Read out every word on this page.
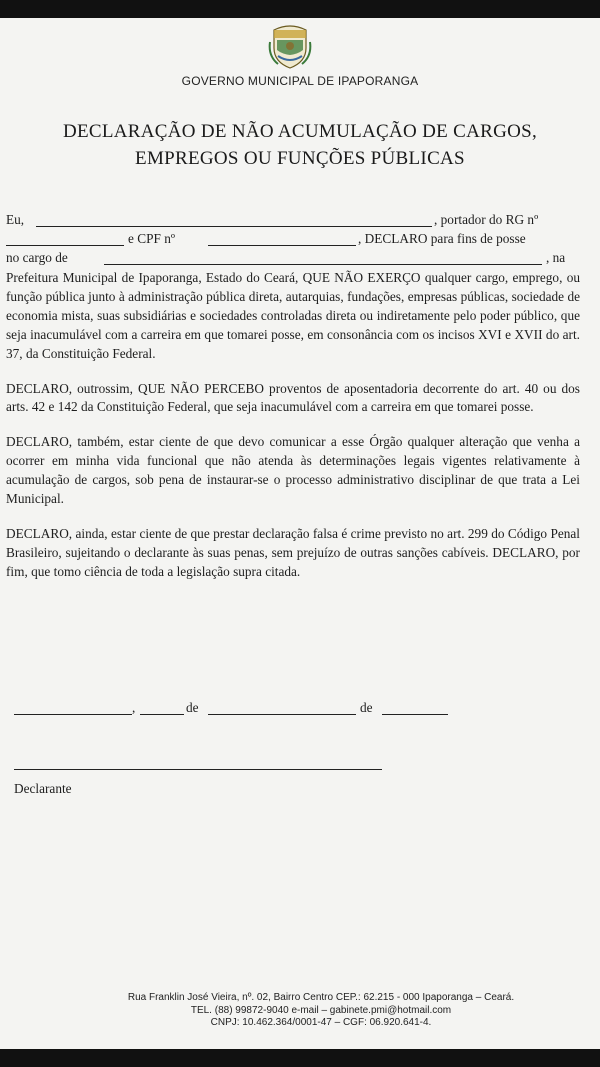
GOVERNO MUNICIPAL DE IPAPORANGA
DECLARAÇÃO DE NÃO ACUMULAÇÃO DE CARGOS,
EMPREGOS OU FUNÇÕES PÚBLICAS
Eu,	, portador do RG nº
e CPF nº	, DECLARO para fins de posse
no cargo de	, na

Prefeitura Municipal de Ipaporanga, Estado do Ceará, QUE NÃO EXERÇO qualquer cargo, emprego, ou função pública junto à administração pública direta, autarquias, fundações, empresas públicas, sociedade de economia mista, suas subsidiárias e sociedades controladas direta ou indiretamente pelo poder público, que seja inacumulável com a carreira em que tomarei posse, em consonância com os incisos XVI e XVII do art. 37, da Constituição Federal.

DECLARO, outrossim, QUE NÃO PERCEBO proventos de aposentadoria decorrente do art. 40 ou dos arts. 42 e 142 da Constituição Federal, que seja inacumulável com a carreira em que tomarei posse.

DECLARO, também, estar ciente de que devo comunicar a esse Órgão qualquer alteração que venha a ocorrer em minha vida funcional que não atenda às determinações legais vigentes relativamente à acumulação de cargos, sob pena de instaurar-se o processo administrativo disciplinar de que trata a Lei Municipal.

DECLARO, ainda, estar ciente de que prestar declaração falsa é crime previsto no art. 299 do Código Penal Brasileiro, sujeitando o declarante às suas penas, sem prejuízo de outras sanções cabíveis. DECLARO, por fim, que tomo ciência de toda a legislação supra citada.

,	de	de
Declarante
Rua Franklin José Vieira, nº. 02, Bairro Centro CEP.: 62.215 - 000 Ipaporanga – Ceará.
TEL. (88) 99872-9040 e-mail – gabinete.pmi@hotmail.com
CNPJ: 10.462.364/0001-47 – CGF: 06.920.641-4.
